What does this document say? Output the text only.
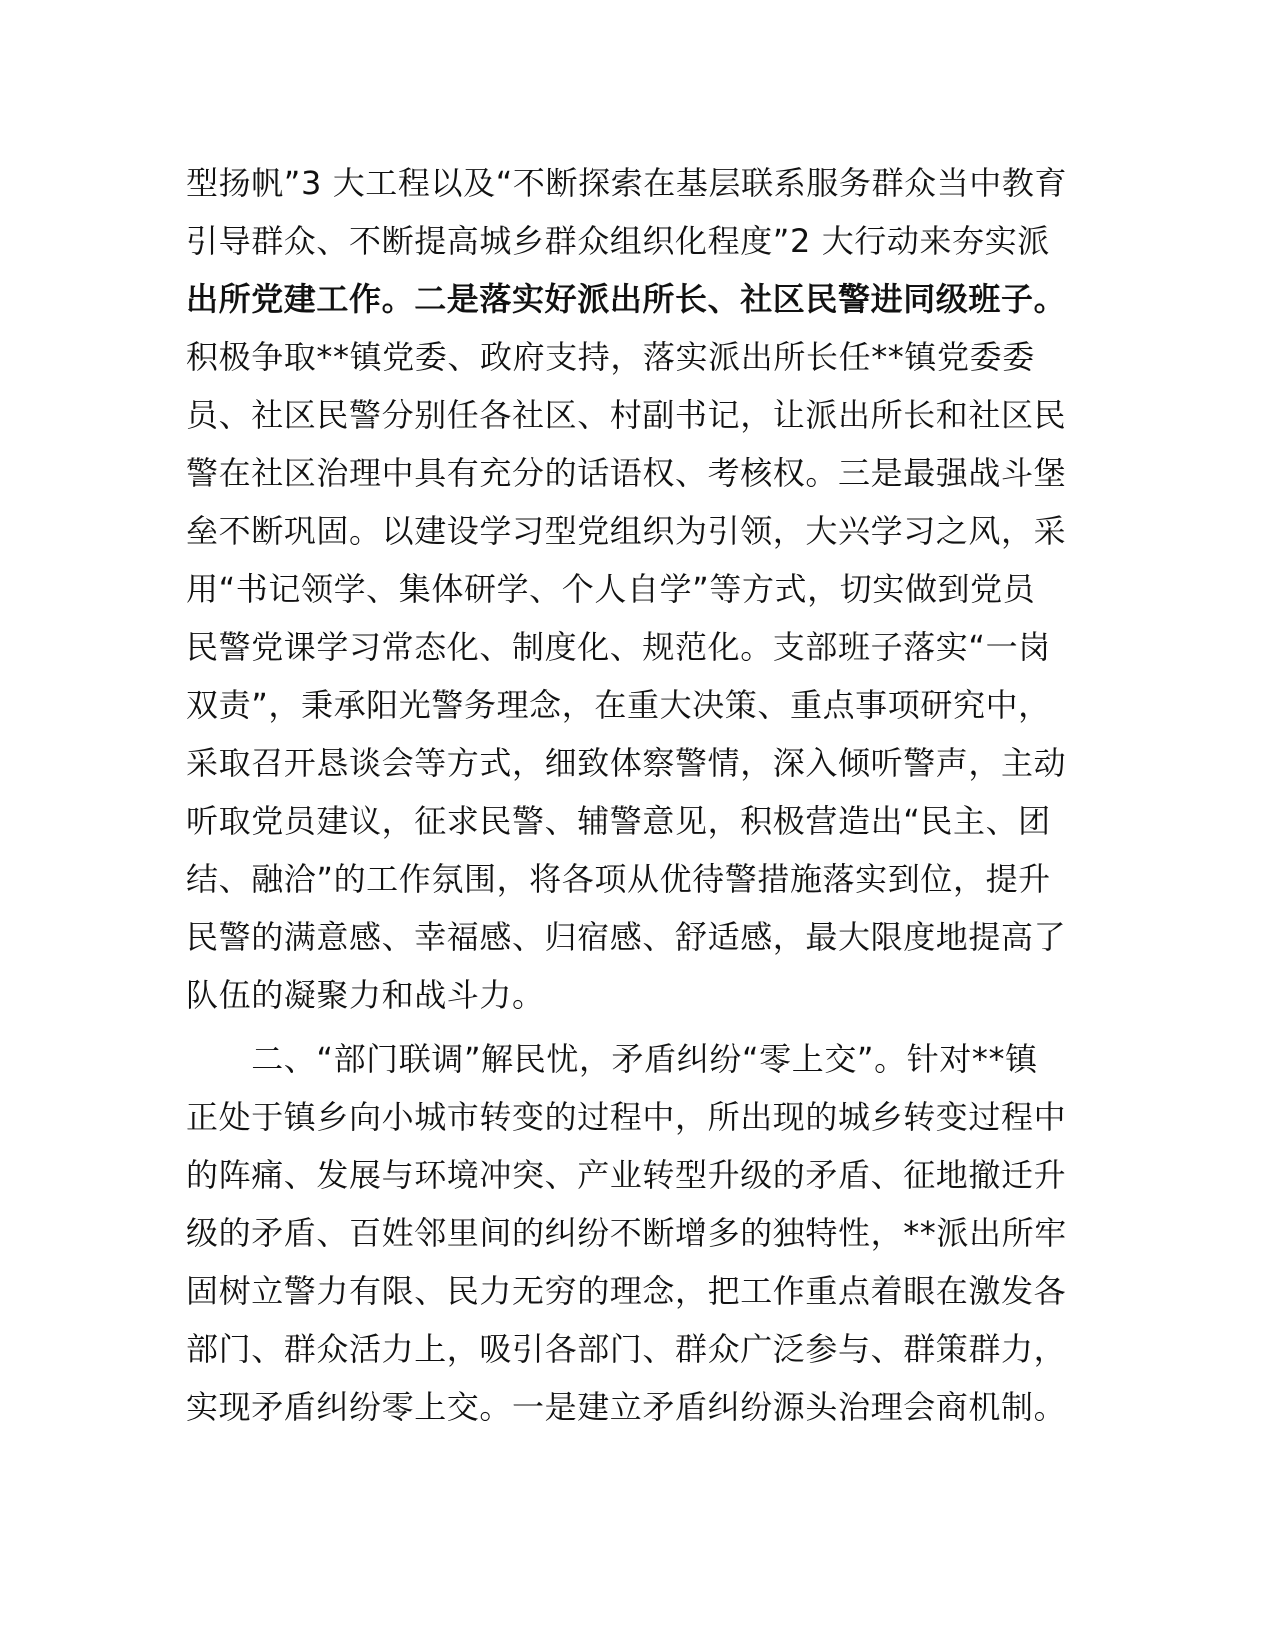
型扬帆”3 大工程以及“不断探索在基层联系服务群众当中教育
引导群众、不断提高城乡群众组织化程度”2 大行动来夯实派
出所党建工作。二是落实好派出所长、社区民警进同级班子。
积极争取**镇党委、政府支持，落实派出所长任**镇党委委
员、社区民警分别任各社区、村副书记，让派出所长和社区民
警在社区治理中具有充分的话语权、考核权。三是最强战斗堡
垒不断巩固。以建设学习型党组织为引领，大兴学习之风，采
用“书记领学、集体研学、个人自学”等方式，切实做到党员
民警党课学习常态化、制度化、规范化。支部班子落实“一岗
双责”，秉承阳光警务理念，在重大决策、重点事项研究中，
采取召开恳谈会等方式，细致体察警情，深入倾听警声，主动
听取党员建议，征求民警、辅警意见，积极营造出“民主、团
结、融洽”的工作氛围，将各项从优待警措施落实到位，提升
民警的满意感、幸福感、归宿感、舒适感，最大限度地提高了
队伍的凝聚力和战斗力。
　　二、“部门联调”解民忧，矛盾纠纷“零上交”。针对**镇
正处于镇乡向小城市转变的过程中，所出现的城乡转变过程中
的阵痛、发展与环境冲突、产业转型升级的矛盾、征地撤迁升
级的矛盾、百姓邻里间的纠纷不断增多的独特性，**派出所牢
固树立警力有限、民力无穷的理念，把工作重点着眼在激发各
部门、群众活力上，吸引各部门、群众广泛参与、群策群力，
实现矛盾纠纷零上交。一是建立矛盾纠纷源头治理会商机制。
